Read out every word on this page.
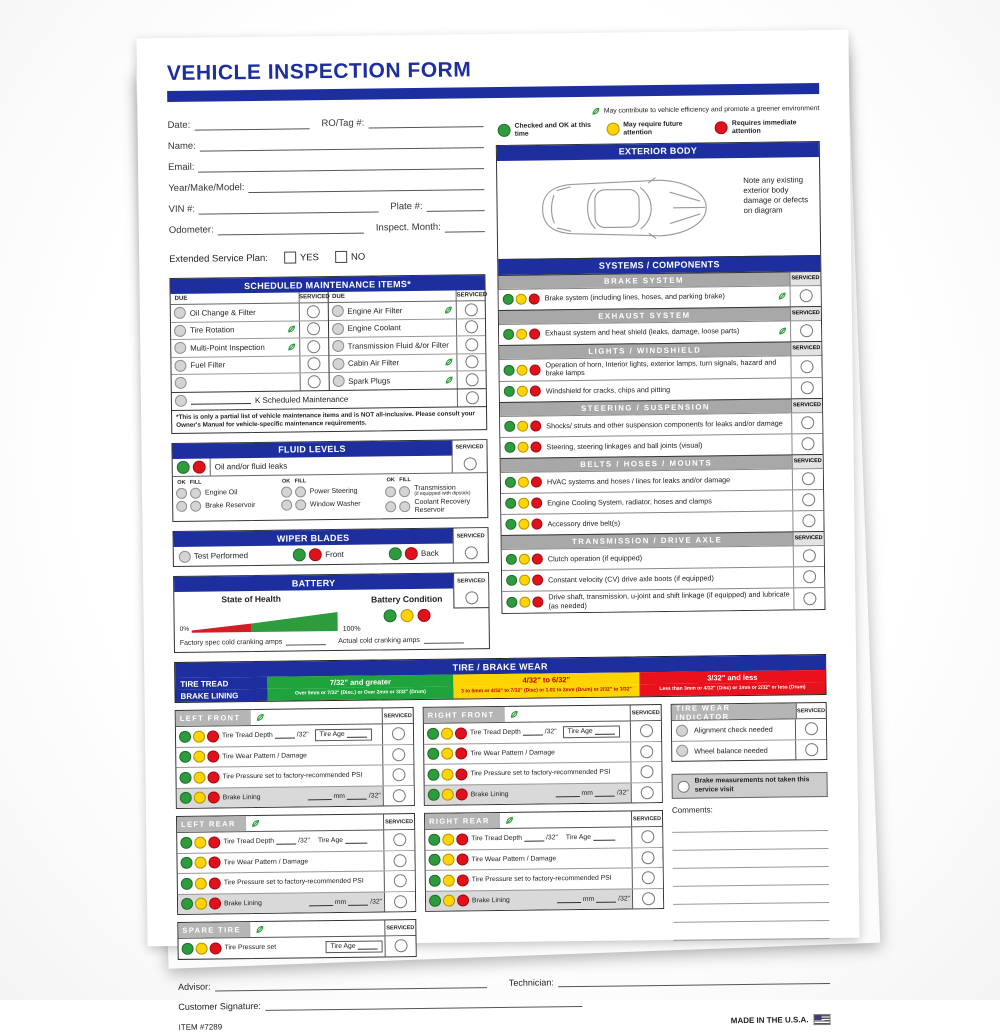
VEHICLE INSPECTION FORM
Date:	RO/Tag #:
Name:
Email:
Year/Make/Model:
VIN #:	Plate #:
Odometer:	Inspect. Month:
Extended Service Plan:	YES	NO
SCHEDULED MAINTENANCE ITEMS*
DUE	SERVICED
Oil Change & Filter
Tire Rotation
Multi-Point Inspection
Fuel Filter
DUE	SERVICED
Engine Air Filter
Engine Coolant
Transmission Fluid &/or Filter
Cabin Air Filter
Spark Plugs
K Scheduled Maintenance
*This is only a partial list of vehicle maintenance items and is NOT all-inclusive. Please consult your Owner's Manual for vehicle-specific maintenance requirements.
FLUID LEVELS	SERVICED
Oil and/or fluid leaks
OK FILL
Engine Oil
Brake Reservoir
OK FILL
Power Steering
Window Washer
OK FILL
Transmission
(if equipped with dipstick)
Coolant Recovery Reservoir
WIPER BLADES	SERVICED
Test Performed	Front	Back
BATTERY	SERVICED
State of Health
0%	100%
Battery Condition
Factory spec cold cranking amps	Actual cold cranking amps
May contribute to vehicle efficiency and promote a greener environment
Checked and OK at this time
May require future attention
Requires immediate attention
EXTERIOR BODY
Note any existing exterior body damage or defects on diagram
SYSTEMS / COMPONENTS
BRAKE SYSTEM	SERVICED
Brake system (including lines, hoses, and parking brake)
EXHAUST SYSTEM	SERVICED
Exhaust system and heat shield (leaks, damage, loose parts)
LIGHTS / WINDSHIELD	SERVICED
Operation of horn, Interior lights, exterior lamps, turn signals, hazard and brake lamps
Windshield for cracks, chips and pitting
STEERING / SUSPENSION	SERVICED
Shocks/ struts and other suspension components for leaks and/or damage
Steering, steering linkages and ball joints (visual)
BELTS / HOSES / MOUNTS	SERVICED
HVAC systems and hoses / lines for leaks and/or damage
Engine Cooling System, radiator, hoses and clamps
Accessory drive belt(s)
TRANSMISSION / DRIVE AXLE	SERVICED
Clutch operation (if equipped)
Constant velocity (CV) drive axle boots (if equipped)
Drive shaft, transmission, u-joint and shift linkage (if equipped) and lubricate (as needed)
TIRE / BRAKE WEAR
TIRE TREAD	7/32" and greater	4/32" to 6/32"	3/32" and less
BRAKE LINING	Over 5mm or 7/32" (Disc.) or Over 2mm or 3/32" (Drum)	3 to 5mm or 4/32" to 7/32" (Disc) or 1.01 to 2mm (Drum) or 2/32" to 3/32"	Less than 3mm or 4/32" (Disc) or 1mm or 2/32" or less (Drum)
LEFT FRONT	SERVICED
Tire Tread Depth	/32" Tire Age
Tire Wear Pattern / Damage
Tire Pressure set to factory-recommended PSI
Brake Lining	mm	/32"
LEFT REAR	SERVICED
Tire Tread Depth	/32" Tire Age
Tire Wear Pattern / Damage
Tire Pressure set to factory-recommended PSI
Brake Lining	mm	/32"
SPARE TIRE	SERVICED
Tire Pressure set	Tire Age
RIGHT FRONT	SERVICED
Tire Tread Depth	/32" Tire Age
Tire Wear Pattern / Damage
Tire Pressure set to factory-recommended PSI
Brake Lining	mm	/32"
RIGHT REAR	SERVICED
Tire Tread Depth	/32" Tire Age
Tire Wear Pattern / Damage
Tire Pressure set to factory-recommended PSI
Brake Lining	mm	/32"
TIRE WEAR INDICATOR
SERVICED
Alignment check needed
Wheel balance needed
Brake measurements not taken this service visit
Comments:
Advisor:	Technician:
Customer Signature:
ITEM #7289
MADE IN THE U.S.A.
